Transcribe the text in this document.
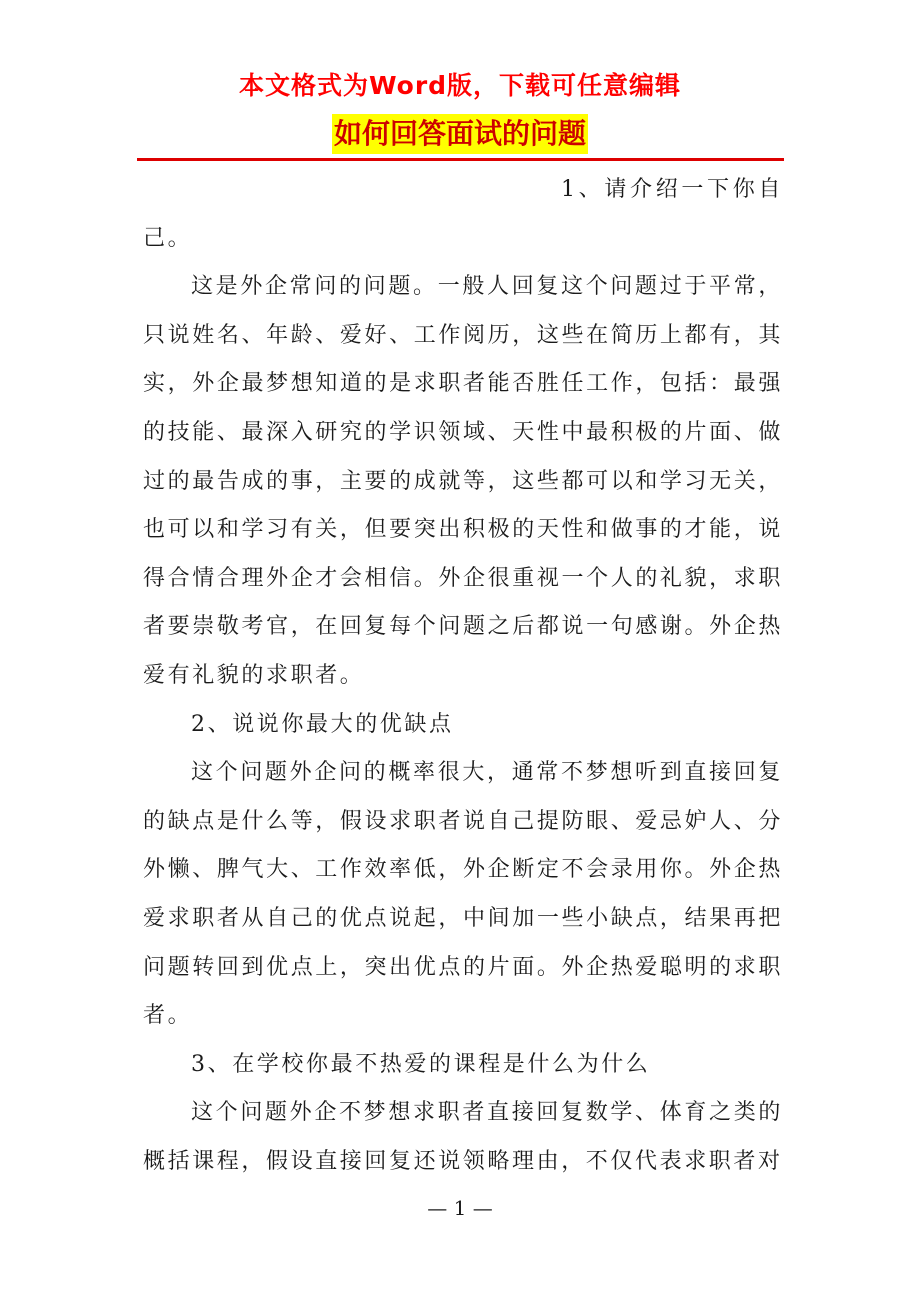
本文格式为Word版，下载可任意编辑
如何回答面试的问题

1、请介绍一下你自己。

这是外企常问的问题。一般人回复这个问题过于平常，只说姓名、年龄、爱好、工作阅历，这些在简历上都有，其实，外企最梦想知道的是求职者能否胜任工作，包括：最强的技能、最深入研究的学识领域、天性中最积极的片面、做过的最告成的事，主要的成就等，这些都可以和学习无关，也可以和学习有关，但要突出积极的天性和做事的才能，说得合情合理外企才会相信。外企很重视一个人的礼貌，求职者要崇敬考官，在回复每个问题之后都说一句感谢。外企热爱有礼貌的求职者。

2、说说你最大的优缺点

这个问题外企问的概率很大，通常不梦想听到直接回复的缺点是什么等，假设求职者说自己提防眼、爱忌妒人、分外懒、脾气大、工作效率低，外企断定不会录用你。外企热爱求职者从自己的优点说起，中间加一些小缺点，结果再把问题转回到优点上，突出优点的片面。外企热爱聪明的求职者。

3、在学校你最不热爱的课程是什么为什么

这个问题外企不梦想求职者直接回复数学、体育之类的概括课程，假设直接回复还说领略理由，不仅代表求职者对

— 1 —
